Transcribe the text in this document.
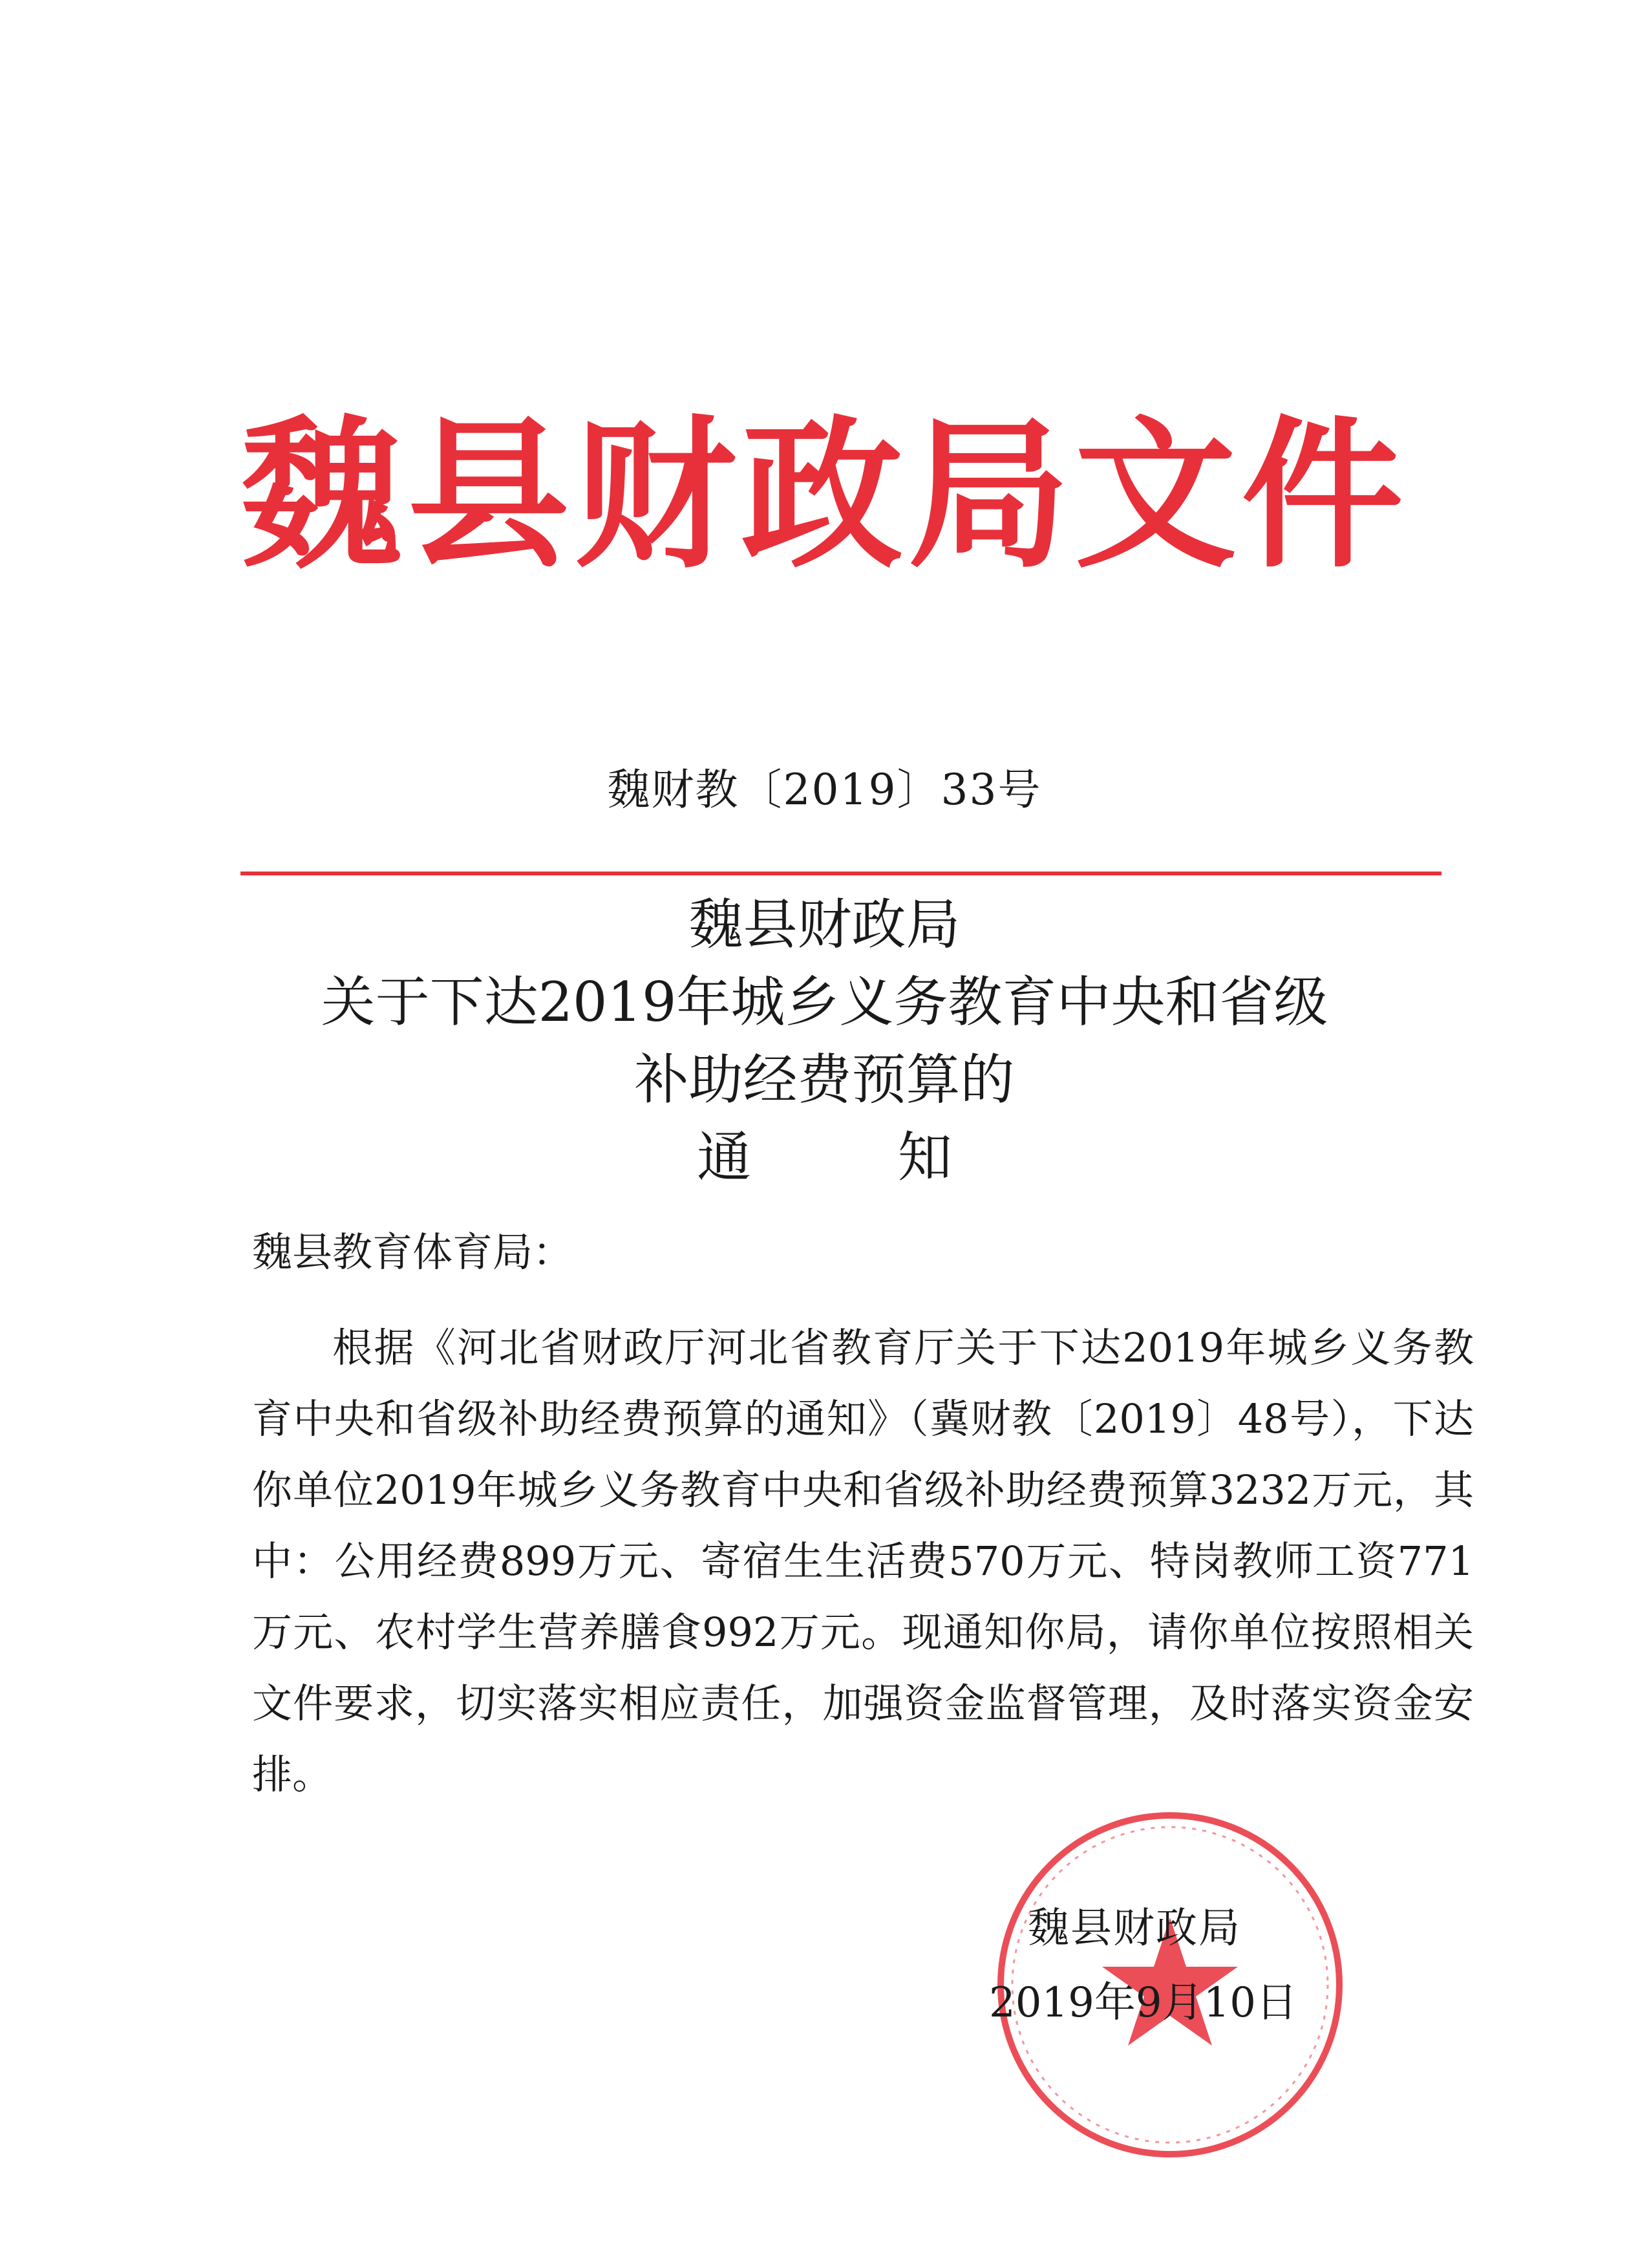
魏县财政局文件
魏财教〔2019〕33号
魏县财政局
关于下达2019年城乡义务教育中央和省级
补助经费预算的
通 知
魏县教育体育局：
根据《河北省财政厅河北省教育厅关于下达2019年城乡义务教育中央和省级补助经费预算的通知》（冀财教〔2019〕48号），下达你单位2019年城乡义务教育中央和省级补助经费预算3232万元，其中：公用经费899万元、寄宿生生活费570万元、特岗教师工资771万元、农村学生营养膳食992万元。现通知你局，请你单位按照相关文件要求，切实落实相应责任，加强资金监督管理，及时落实资金安排。
魏县财政局
2019年9月10日
